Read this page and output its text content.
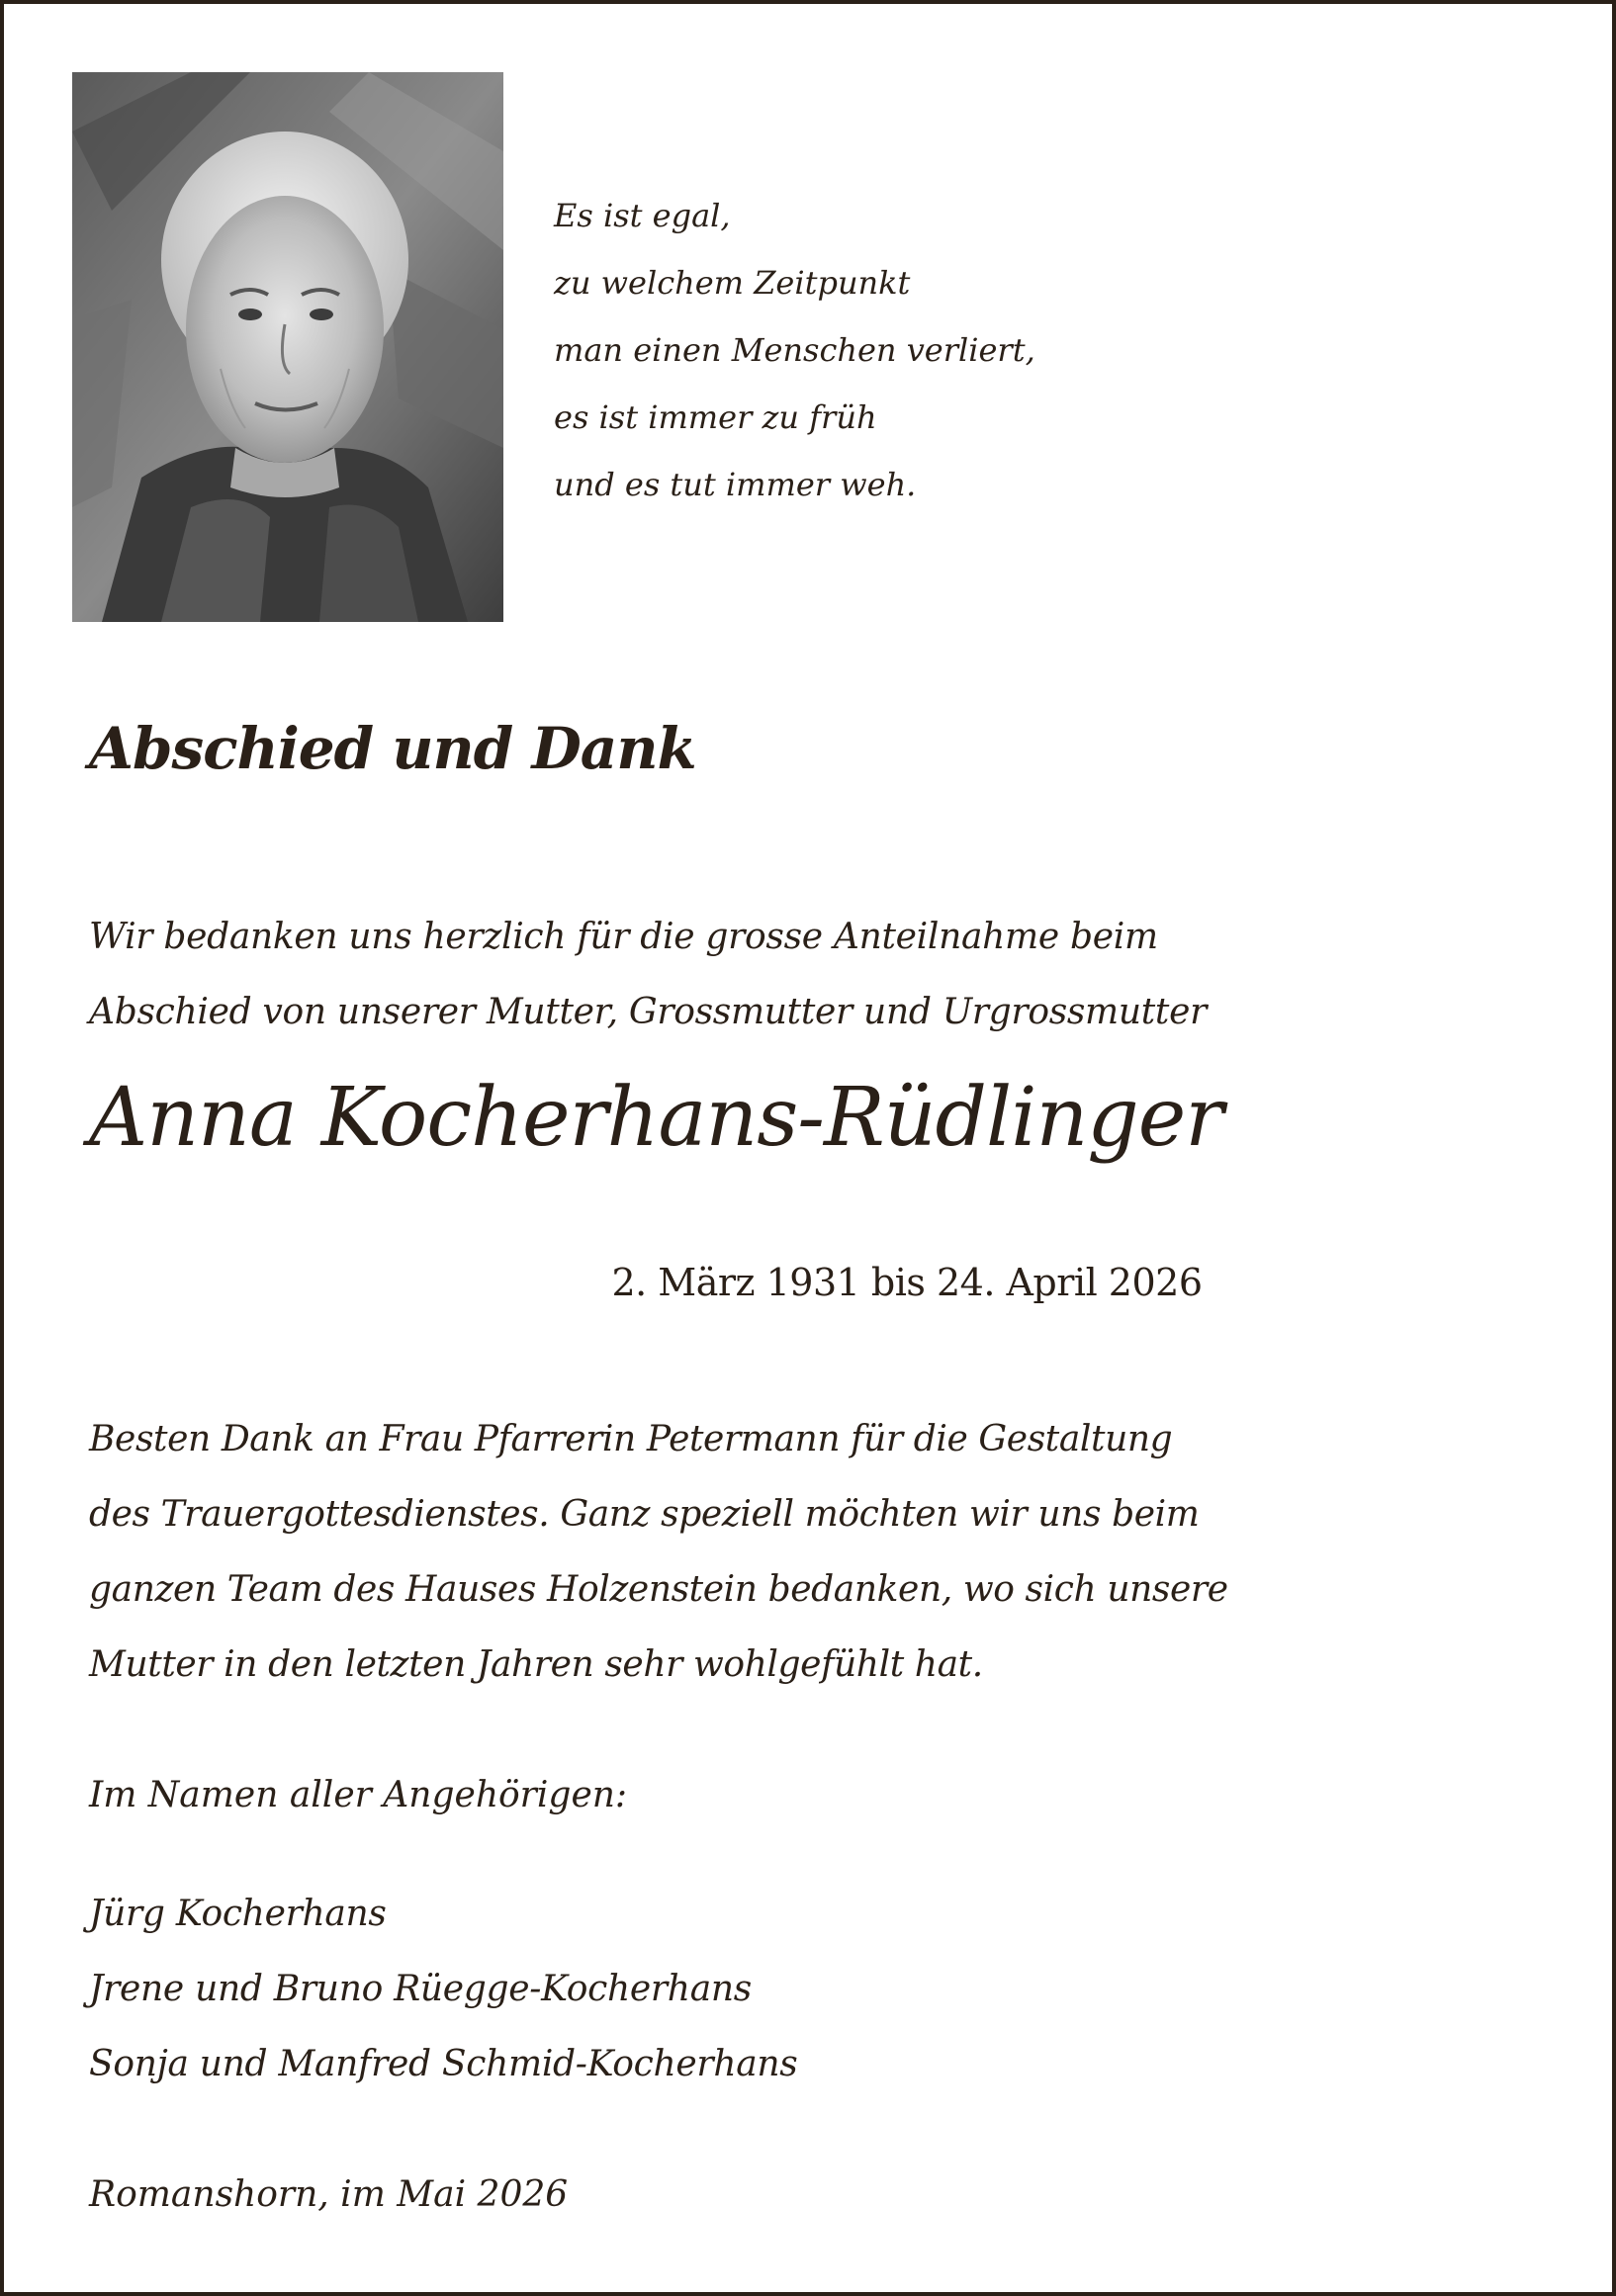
Es ist egal,
zu welchem Zeitpunkt
man einen Menschen verliert,
es ist immer zu früh
und es tut immer weh.
Abschied und Dank
Wir bedanken uns herzlich für die grosse Anteilnahme beim
Abschied von unserer Mutter, Grossmutter und Urgrossmutter
Anna Kocherhans-Rüdlinger
2. März 1931 bis 24. April 2026
Besten Dank an Frau Pfarrerin Petermann für die Gestaltung
des Trauergottesdienstes. Ganz speziell möchten wir uns beim
ganzen Team des Hauses Holzenstein bedanken, wo sich unsere
Mutter in den letzten Jahren sehr wohlgefühlt hat.
Im Namen aller Angehörigen:
Jürg Kocherhans
Jrene und Bruno Rüegge-Kocherhans
Sonja und Manfred Schmid-Kocherhans
Romanshorn, im Mai 2026
